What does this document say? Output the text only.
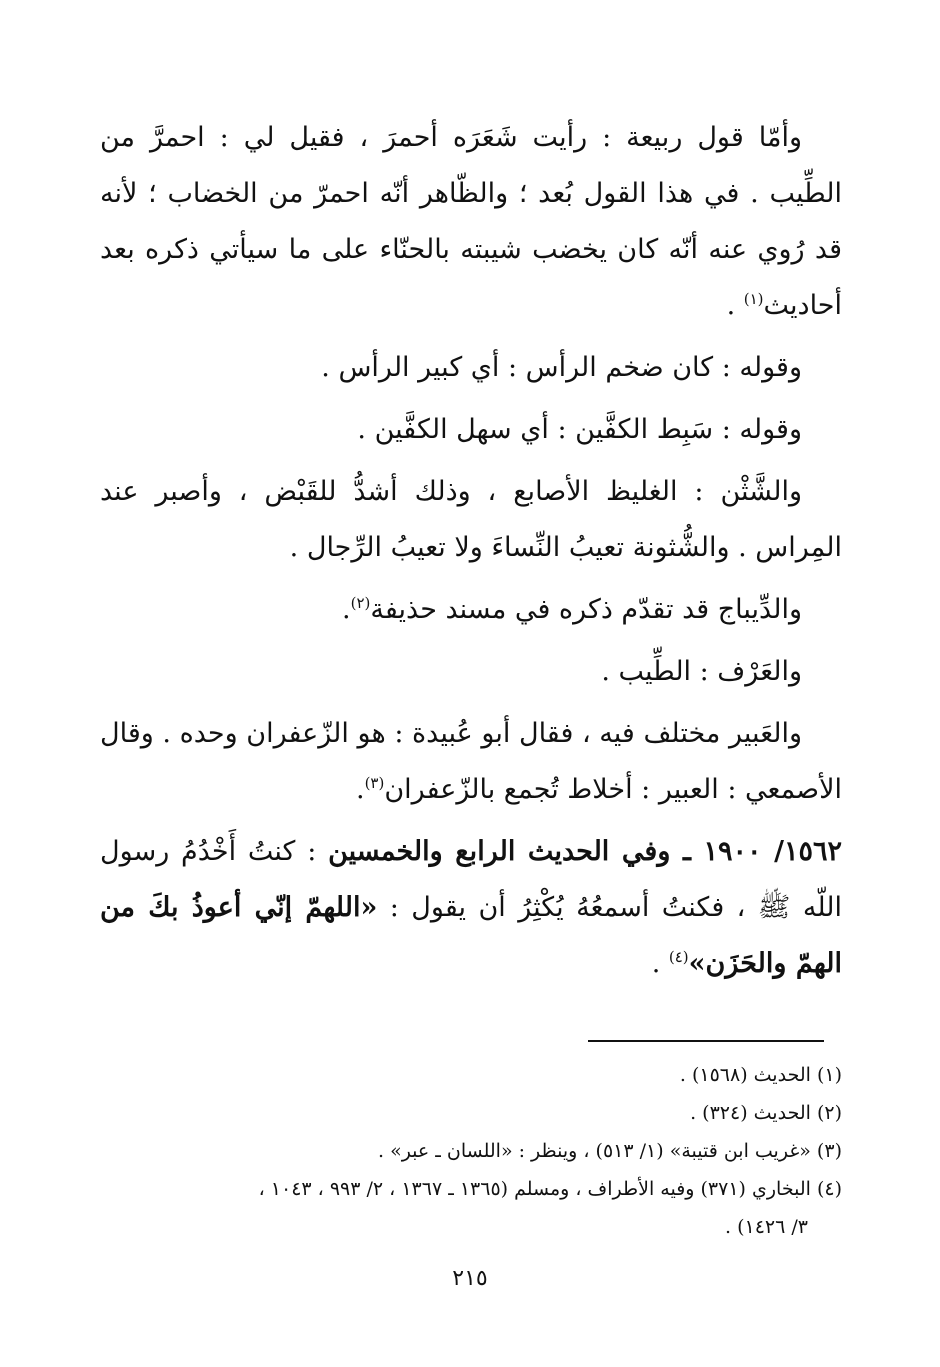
وأمّا قول ربيعة : رأيت شَعَرَه أحمرَ ، فقيل لي : احمرَّ من الطِّيب . في هذا القول بُعد ؛ والظّاهر أنّه احمرّ من الخضاب ؛ لأنه قد رُوي عنه أنّه كان يخضب شيبته بالحنّاء على ما سيأتي ذكره بعد أحاديث$^{(١)}$ .

وقوله : كان ضخم الرأس : أي كبير الرأس .

وقوله : سَبِط الكفَّين : أي سهل الكفَّين .

والشَّثْن : الغليظ الأصابع ، وذلك أشدُّ للقَبْض ، وأصبر عند المِراس . والشُّثونة تعيبُ النِّساءَ ولا تعيبُ الرِّجال .

والدِّيباج قد تقدّم ذكره في مسند حذيفة$^{(٢)}$.

والعَرْف : الطِّيب .

والعَبير مختلف فيه ، فقال أبو عُبيدة : هو الزّعفران وحده . وقال الأصمعي : العبير : أخلاط تُجمع بالزّعفران$^{(٣)}$.

١٥٦٢/ ١٩٠٠ ـ وفي الحديث الرابع والخمسين : كنتُ أَخْدُمُ رسول اللّه ﷺ ، فكنتُ أسمعُهُ يُكْثِرُ أن يقول : «اللهمّ إنّي أعوذُ بكَ من الهمّ والحَزَن»$^{(٤)}$ .

(١) الحديث (١٥٦٨) .

(٢) الحديث (٣٢٤) .

(٣) «غريب ابن قتيبة» (١/ ٥١٣) ، وينظر : «اللسان ـ عبر» .

(٤) البخاري (٣٧١) وفيه الأطراف ، ومسلم (١٣٦٥ ـ ١٣٦٧ ، ٢/ ٩٩٣ ، ١٠٤٣ ،

٣/ ١٤٢٦) .

٢١٥
